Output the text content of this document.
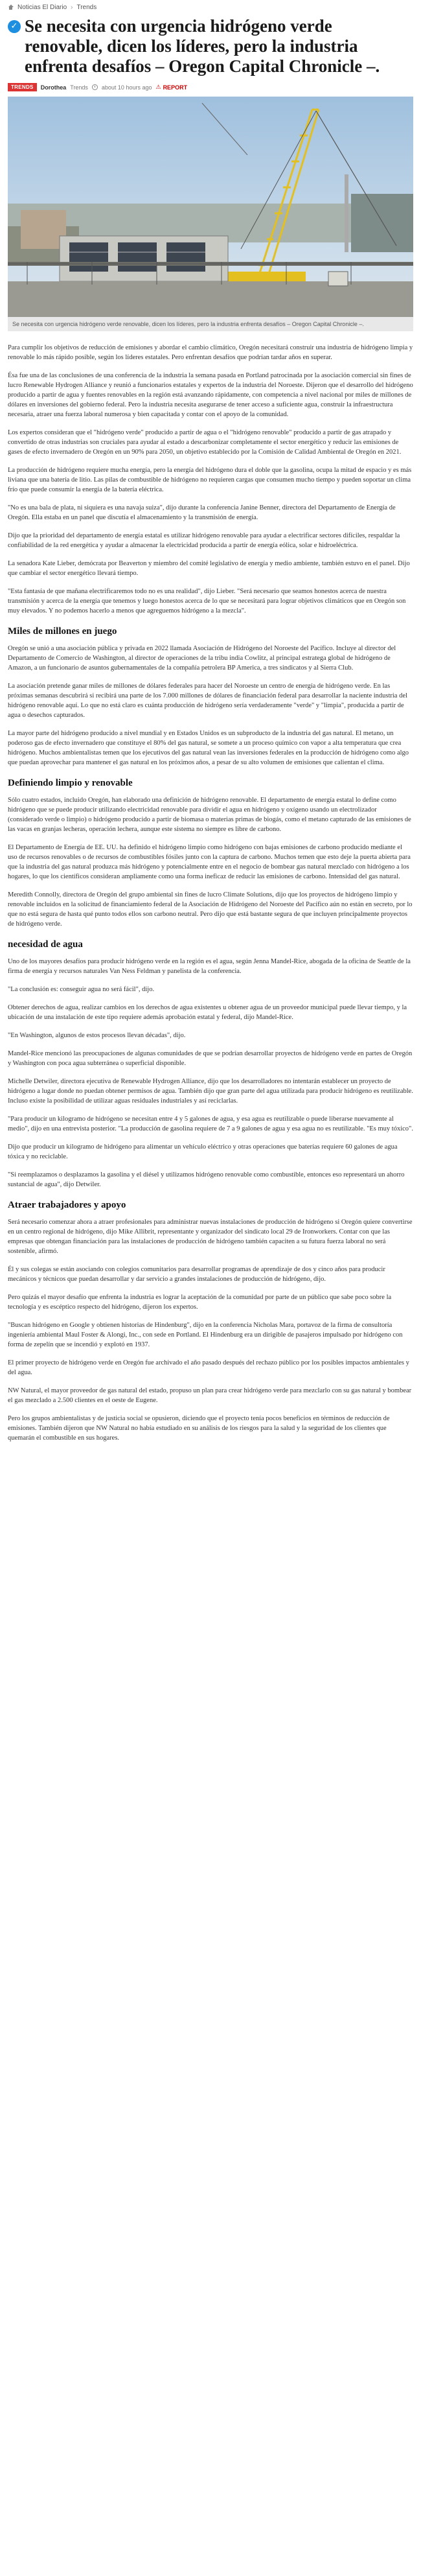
Noticias El Diario › Trends
✓ Se necesita con urgencia hidrógeno verde renovable, dicen los líderes, pero la industria enfrenta desafíos – Oregon Capital Chronicle –.
TRENDS	Dorothea Trends about 10 hours ago ⚠ REPORT
Se necesita con urgencia hidrógeno verde renovable, dicen los líderes, pero la industria enfrenta desafíos – Oregon Capital Chronicle –.

Para cumplir los objetivos de reducción de emisiones y abordar el cambio climático, Oregón necesitará construir una industria de hidrógeno limpia y renovable lo más rápido posible, según los líderes estatales. Pero enfrentan desafíos que podrían tardar años en superar.

Ésa fue una de las conclusiones de una conferencia de la industria la semana pasada en Portland patrocinada por la asociación comercial sin fines de lucro Renewable Hydrogen Alliance y reunió a funcionarios estatales y expertos de la industria del Noroeste. Dijeron que el desarrollo del hidrógeno producido a partir de agua y fuentes renovables en la región está avanzando rápidamente, con competencia a nivel nacional por miles de millones de dólares en inversiones del gobierno federal. Pero la industria necesita asegurarse de tener acceso a suficiente agua, construir la infraestructura necesaria, atraer una fuerza laboral numerosa y bien capacitada y contar con el apoyo de la comunidad.

Los expertos consideran que el "hidrógeno verde" producido a partir de agua o el "hidrógeno renovable" producido a partir de gas atrapado y convertido de otras industrias son cruciales para ayudar al estado a descarbonizar completamente el sector energético y reducir las emisiones de gases de efecto invernadero de Oregón en un 90% para 2050, un objetivo establecido por la Comisión de Calidad Ambiental de Oregón en 2021.

La producción de hidrógeno requiere mucha energía, pero la energía del hidrógeno dura el doble que la gasolina, ocupa la mitad de espacio y es más liviana que una batería de litio. Las pilas de combustible de hidrógeno no requieren cargas que consumen mucho tiempo y pueden soportar un clima frío que puede consumir la energía de la batería eléctrica.

"No es una bala de plata, ni siquiera es una navaja suiza", dijo durante la conferencia Janine Benner, directora del Departamento de Energía de Oregón. Ella estaba en un panel que discutía el almacenamiento y la transmisión de energía.

Dijo que la prioridad del departamento de energía estatal es utilizar hidrógeno renovable para ayudar a electrificar sectores difíciles, respaldar la confiabilidad de la red energética y ayudar a almacenar la electricidad producida a partir de energía eólica, solar e hidroeléctrica.

La senadora Kate Lieber, demócrata por Beaverton y miembro del comité legislativo de energía y medio ambiente, también estuvo en el panel. Dijo que cambiar el sector energético llevará tiempo.

"Esta fantasía de que mañana electrificaremos todo no es una realidad", dijo Lieber. "Será necesario que seamos honestos acerca de nuestra transmisión y acerca de la energía que tenemos y luego honestos acerca de lo que se necesitará para lograr objetivos climáticos que en Oregón son muy elevados. Y no podemos hacerlo a menos que agreguemos hidrógeno a la mezcla".

Miles de millones en juego

Oregón se unió a una asociación pública y privada en 2022 llamada Asociación de Hidrógeno del Noroeste del Pacífico. Incluye al director del Departamento de Comercio de Washington, al director de operaciones de la tribu india Cowlitz, al principal estratega global de hidrógeno de Amazon, a un funcionario de asuntos gubernamentales de la compañía petrolera BP America, a tres sindicatos y al Sierra Club.

La asociación pretende ganar miles de millones de dólares federales para hacer del Noroeste un centro de energía de hidrógeno verde. En las próximas semanas descubrirá si recibirá una parte de los 7.000 millones de dólares de financiación federal para desarrollar la naciente industria del hidrógeno renovable aquí. Lo que no está claro es cuánta producción de hidrógeno sería verdaderamente "verde" y "limpia", producida a partir de agua o desechos capturados.

La mayor parte del hidrógeno producido a nivel mundial y en Estados Unidos es un subproducto de la industria del gas natural. El metano, un poderoso gas de efecto invernadero que constituye el 80% del gas natural, se somete a un proceso químico con vapor a alta temperatura que crea hidrógeno. Muchos ambientalistas temen que los ejecutivos del gas natural vean las inversiones federales en la producción de hidrógeno como algo que puedan aprovechar para mantener el gas natural en los próximos años, a pesar de su alto volumen de emisiones que calientan el clima.

Definiendo limpio y renovable

Sólo cuatro estados, incluido Oregón, han elaborado una definición de hidrógeno renovable. El departamento de energía estatal lo define como hidrógeno que se puede producir utilizando electricidad renovable para dividir el agua en hidrógeno y oxígeno usando un electrolizador (considerado verde o limpio) o hidrógeno producido a partir de biomasa o materias primas de biogás, como el metano capturado de las emisiones de las vacas en granjas lecheras, operación lechera, aunque este sistema no siempre es libre de carbono.

El Departamento de Energía de EE. UU. ha definido el hidrógeno limpio como hidrógeno con bajas emisiones de carbono producido mediante el uso de recursos renovables o de recursos de combustibles fósiles junto con la captura de carbono. Muchos temen que esto deje la puerta abierta para que la industria del gas natural produzca más hidrógeno y potencialmente entre en el negocio de bombear gas natural mezclado con hidrógeno a los hogares, lo que los científicos consideran ampliamente como una forma ineficaz de reducir las emisiones de carbono. Intensidad del gas natural.

Meredith Connolly, directora de Oregón del grupo ambiental sin fines de lucro Climate Solutions, dijo que los proyectos de hidrógeno limpio y renovable incluidos en la solicitud de financiamiento federal de la Asociación de Hidrógeno del Noroeste del Pacífico aún no están en secreto, por lo que no está segura de hasta qué punto todos ellos son carbono neutral. Pero dijo que está bastante segura de que incluyen principalmente proyectos de hidrógeno verde.

necesidad de agua

Uno de los mayores desafíos para producir hidrógeno verde en la región es el agua, según Jenna Mandel-Rice, abogada de la oficina de Seattle de la firma de energía y recursos naturales Van Ness Feldman y panelista de la conferencia.

"La conclusión es: conseguir agua no será fácil", dijo.

Obtener derechos de agua, realizar cambios en los derechos de agua existentes u obtener agua de un proveedor municipal puede llevar tiempo, y la ubicación de una instalación de este tipo requiere además aprobación estatal y federal, dijo Mandel-Rice.

"En Washington, algunos de estos procesos llevan décadas", dijo.

Mandel-Rice mencionó las preocupaciones de algunas comunidades de que se podrían desarrollar proyectos de hidrógeno verde en partes de Oregón y Washington con poca agua subterránea o superficial disponible.

Michelle Detwiler, directora ejecutiva de Renewable Hydrogen Alliance, dijo que los desarrolladores no intentarán establecer un proyecto de hidrógeno a lugar donde no puedan obtener permisos de agua. También dijo que gran parte del agua utilizada para producir hidrógeno es reutilizable. Incluso existe la posibilidad de utilizar aguas residuales industriales y así reciclarlas.

"Para producir un kilogramo de hidrógeno se necesitan entre 4 y 5 galones de agua, y esa agua es reutilizable o puede liberarse nuevamente al medio", dijo en una entrevista posterior. "La producción de gasolina requiere de 7 a 9 galones de agua y esa agua no es reutilizable. "Es muy tóxico".

Dijo que producir un kilogramo de hidrógeno para alimentar un vehículo eléctrico y otras operaciones que baterías requiere 60 galones de agua tóxica y no reciclable.

"Si reemplazamos o desplazamos la gasolina y el diésel y utilizamos hidrógeno renovable como combustible, entonces eso representará un ahorro sustancial de agua", dijo Detwiler.

Atraer trabajadores y apoyo

Será necesario comenzar ahora a atraer profesionales para administrar nuevas instalaciones de producción de hidrógeno si Oregón quiere convertirse en un centro regional de hidrógeno, dijo Mike Allibrit, representante y organizador del sindicato local 29 de Ironworkers. Contar con que las empresas que obtengan financiación para las instalaciones de producción de hidrógeno también capaciten a su futura fuerza laboral no será sostenible, afirmó.

Él y sus colegas se están asociando con colegios comunitarios para desarrollar programas de aprendizaje de dos y cinco años para producir mecánicos y técnicos que puedan desarrollar y dar servicio a grandes instalaciones de producción de hidrógeno, dijo.

Pero quizás el mayor desafío que enfrenta la industria es lograr la aceptación de la comunidad por parte de un público que sabe poco sobre la tecnología y es escéptico respecto del hidrógeno, dijeron los expertos.

"Buscan hidrógeno en Google y obtienen historias de Hindenburg", dijo en la conferencia Nicholas Mara, portavoz de la firma de consultoría ingeniería ambiental Maul Foster & Alongi, Inc., con sede en Portland. El Hindenburg era un dirigible de pasajeros impulsado por hidrógeno con forma de zepelín que se incendió y explotó en 1937.

El primer proyecto de hidrógeno verde en Oregón fue archivado el año pasado después del rechazo público por los posibles impactos ambientales y del agua.

NW Natural, el mayor proveedor de gas natural del estado, propuso un plan para crear hidrógeno verde para mezclarlo con su gas natural y bombear el gas mezclado a 2.500 clientes en el oeste de Eugene.

Pero los grupos ambientalistas y de justicia social se opusieron, diciendo que el proyecto tenía pocos beneficios en términos de reducción de emisiones. También dijeron que NW Natural no había estudiado en su análisis de los riesgos para la salud y la seguridad de los clientes que quemarán el combustible en sus hogares.
